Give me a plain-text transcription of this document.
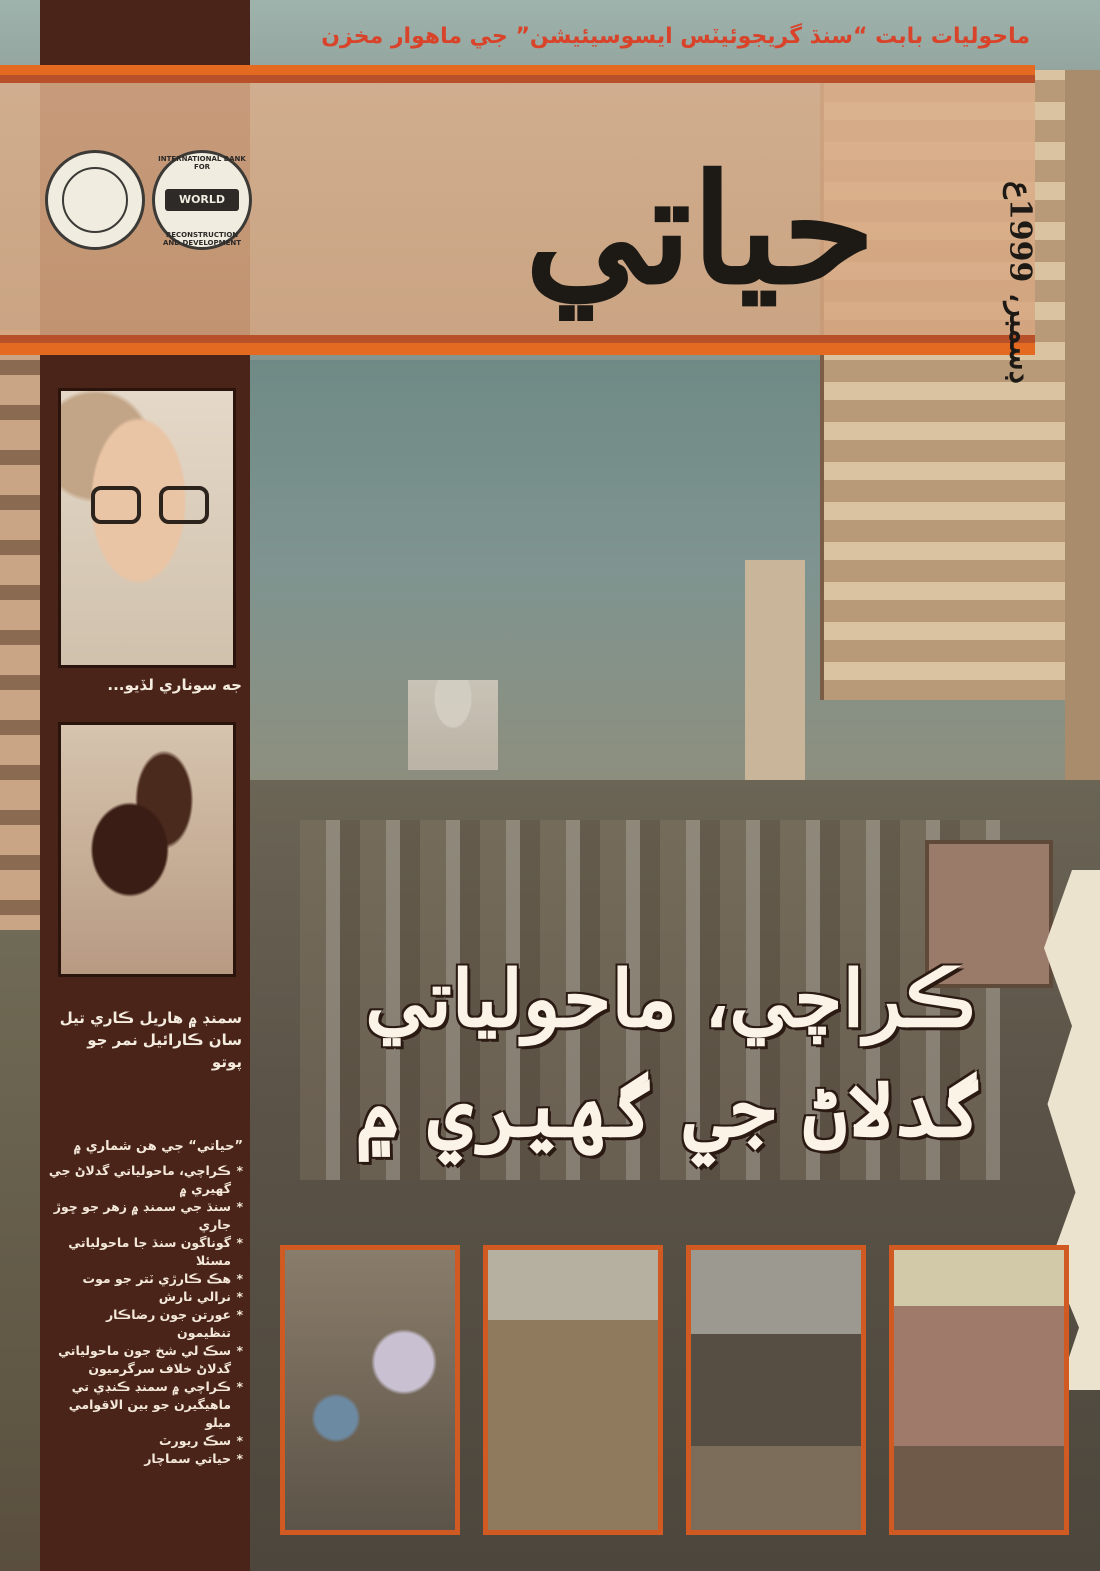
ماحوليات بابت “سنڌ گريجوئيٽس ايسوسيئيشن” جي ماهوار مخزن
حياتي	ڊسمبر، 1999ع
INTERNATIONAL BANK FOR
WORLD BANK
RECONSTRUCTION AND DEVELOPMENT
جه سوناري لڏيو...
سمنڊ ۾ هاريل ڪاري تيل سان ڪارائيل نمر جو پوتو
”حياتي“ جي هن شماري ۾
* ڪراچي، ماحولياتي گدلاڻ جي گهيري ۾
* سنڌ جي سمنڊ ۾ زهر جو ڇوڙ جاري
* گوناگون سنڌ جا ماحولياتي مسئلا
* هڪ ڪارڙي ٽتر جو موت
* نرالي نارش
* عورتن جون رضاڪار تنظيمون
* سڪ لي شخ جون ماحولياتي گدلاڻ خلاف سرگرميون
* ڪراچي ۾ سمنڊ ڪنڊي تي ماهيگيرن جو بين الاقوامي ميلو
* سڪ ريورٽ
* حياتي سماچار
ڪراچي، ماحولياتي
گدلاڻ جي گهيري ۾
